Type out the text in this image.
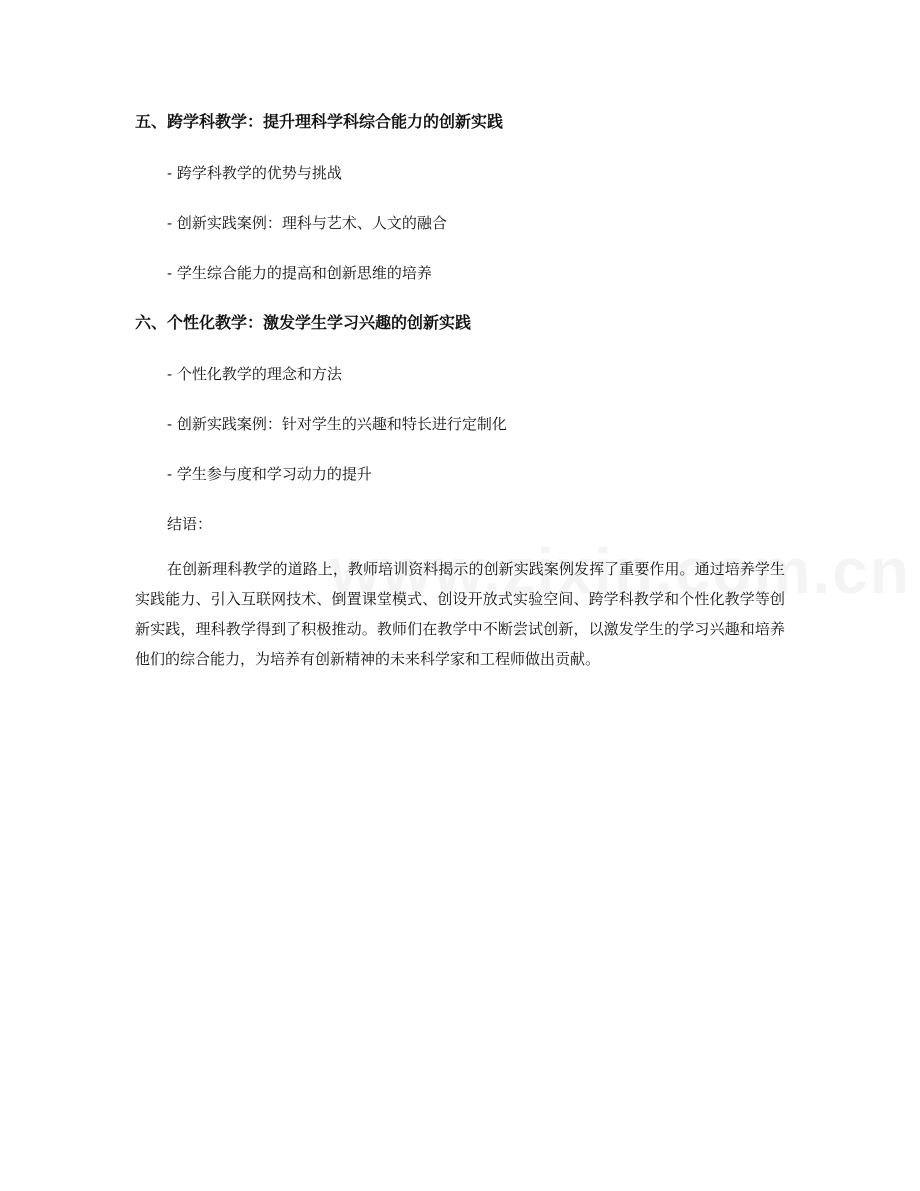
五、跨学科教学：提升理科学科综合能力的创新实践

- 跨学科教学的优势与挑战

- 创新实践案例：理科与艺术、人文的融合

- 学生综合能力的提高和创新思维的培养

六、个性化教学：激发学生学习兴趣的创新实践

- 个性化教学的理念和方法

- 创新实践案例：针对学生的兴趣和特长进行定制化

- 学生参与度和学习动力的提升

结语：

在创新理科教学的道路上，教师培训资料揭示的创新实践案例发挥了重要作用。通过培养学生实践能力、引入互联网技术、倒置课堂模式、创设开放式实验空间、跨学科教学和个性化教学等创新实践，理科教学得到了积极推动。教师们在教学中不断尝试创新，以激发学生的学习兴趣和培养他们的综合能力，为培养有创新精神的未来科学家和工程师做出贡献。
